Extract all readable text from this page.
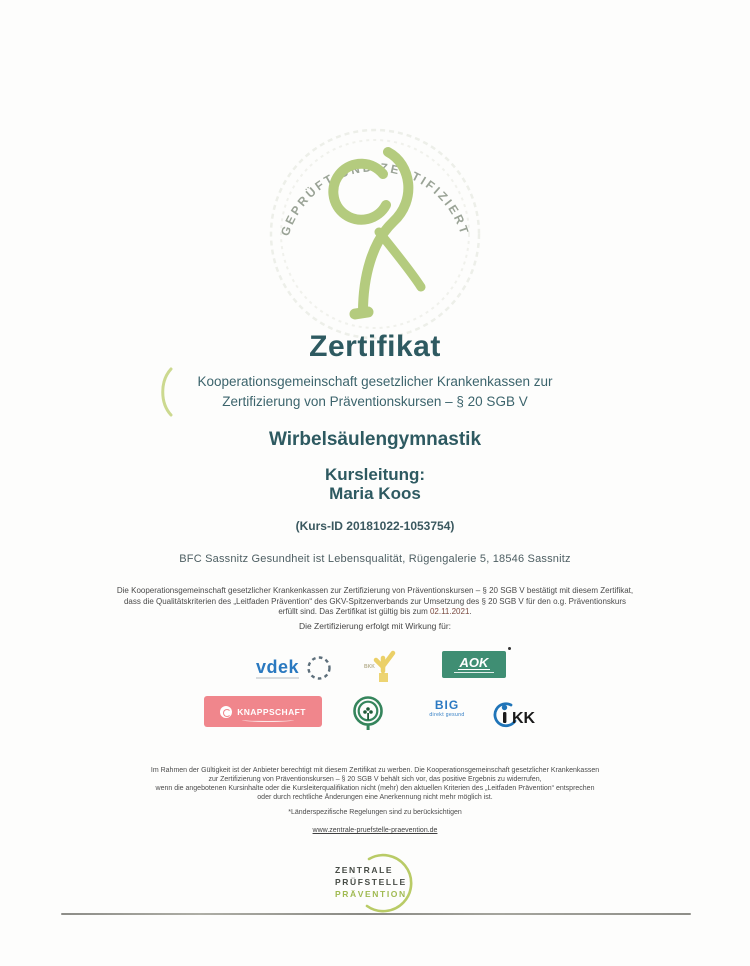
GEPRÜFT UND ZERTIFIZIERT
Zertifikat
Kooperationsgemeinschaft gesetzlicher Krankenkassen zur
Zertifizierung von Präventionskursen – § 20 SGB V
Wirbelsäulengymnastik
Kursleitung:
Maria Koos
(Kurs-ID 20181022-1053754)
BFC Sassnitz Gesundheit ist Lebensqualität, Rügengalerie 5, 18546 Sassnitz
Die Kooperationsgemeinschaft gesetzlicher Krankenkassen zur Zertifizierung von Präventionskursen – § 20 SGB V bestätigt mit diesem Zertifikat,
dass die Qualitätskriterien des „Leitfaden Prävention“ des GKV-Spitzenverbands zur Umsetzung des § 20 SGB V für den o.g. Präventionskurs
erfüllt sind. Das Zertifikat ist gültig bis zum 02.11.2021.
Die Zertifizierung erfolgt mit Wirkung für:
vdek	BKK	AOK
KNAPPSCHAFT	BIG
direkt gesund	KK
Im Rahmen der Gültigkeit ist der Anbieter berechtigt mit diesem Zertifikat zu werben. Die Kooperationsgemeinschaft gesetzlicher Krankenkassen
zur Zertifizierung von Präventionskursen – § 20 SGB V behält sich vor, das positive Ergebnis zu widerrufen,
wenn die angebotenen Kursinhalte oder die Kursleiterqualifikation nicht (mehr) den aktuellen Kriterien des „Leitfaden Prävention“ entsprechen
oder durch rechtliche Änderungen eine Anerkennung nicht mehr möglich ist.
*Länderspezifische Regelungen sind zu berücksichtigen
www.zentrale-pruefstelle-praevention.de
ZENTRALE
PRÜFSTELLE
PRÄVENTION
